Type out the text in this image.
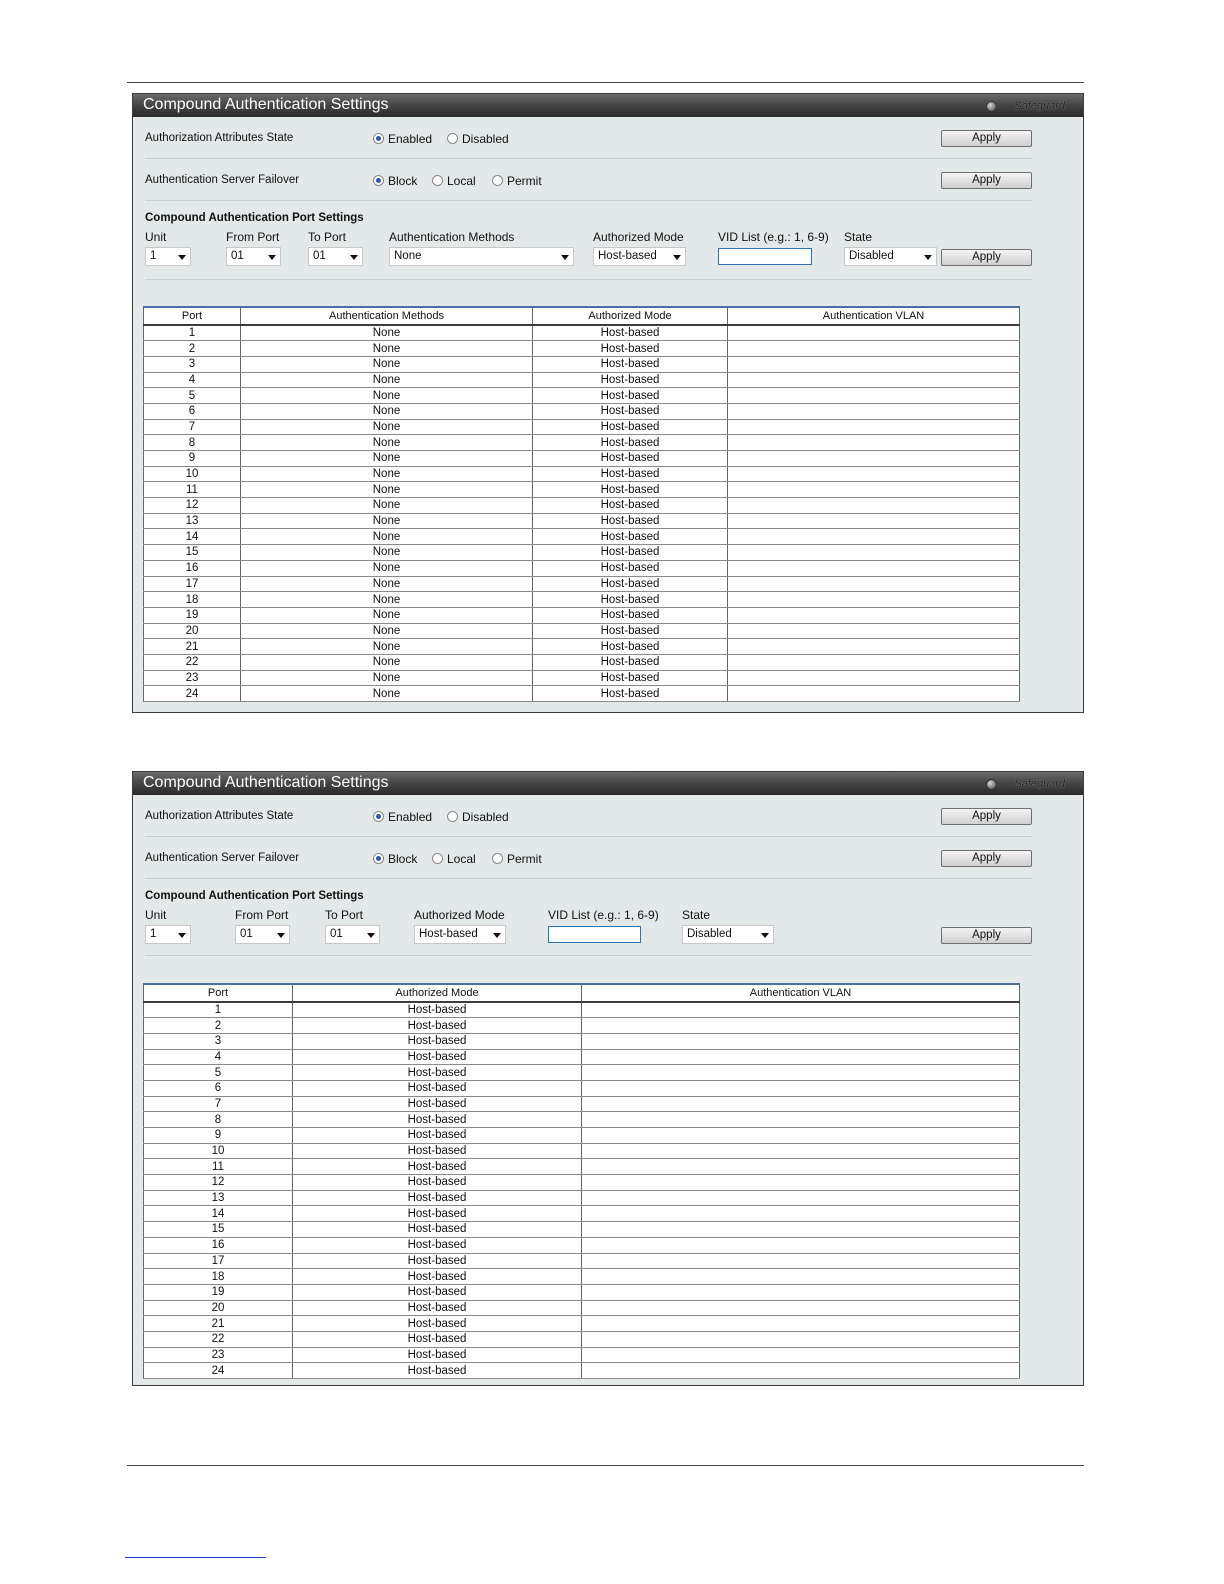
Compound Authentication Settings	Safeguard
Authorization Attributes State	Enabled	Disabled	Apply
Authentication Server Failover	Block	Local	Permit	Apply
Compound Authentication Port Settings
Unit	From Port To Port	Authentication Methods	Authorized Mode	VID List (e.g.: 1, 6-9) State
1	01	01	None	Host-based	Disabled	Apply
Port	Authentication Methods	Authorized Mode	Authentication VLAN
1	None	Host-based	
2	None	Host-based	
3	None	Host-based	
4	None	Host-based	
5	None	Host-based	
6	None	Host-based	
7	None	Host-based	
8	None	Host-based	
9	None	Host-based	
10	None	Host-based	
11	None	Host-based	
12	None	Host-based	
13	None	Host-based	
14	None	Host-based	
15	None	Host-based	
16	None	Host-based	
17	None	Host-based	
18	None	Host-based	
19	None	Host-based	
20	None	Host-based	
21	None	Host-based	
22	None	Host-based	
23	None	Host-based	
24	None	Host-based	
Compound Authentication Settings	Safeguard
Authorization Attributes State	Enabled	Disabled	Apply
Authentication Server Failover	Block	Local	Permit	Apply
Compound Authentication Port Settings
Unit	From Port	To Port	Authorized Mode	VID List (e.g.: 1, 6-9) State
1	01	01	Host-based	Disabled	Apply
Port	Authorized Mode	Authentication VLAN
1	Host-based	
2	Host-based	
3	Host-based	
4	Host-based	
5	Host-based	
6	Host-based	
7	Host-based	
8	Host-based	
9	Host-based	
10	Host-based	
11	Host-based	
12	Host-based	
13	Host-based	
14	Host-based	
15	Host-based	
16	Host-based	
17	Host-based	
18	Host-based	
19	Host-based	
20	Host-based	
21	Host-based	
22	Host-based	
23	Host-based	
24	Host-based	
